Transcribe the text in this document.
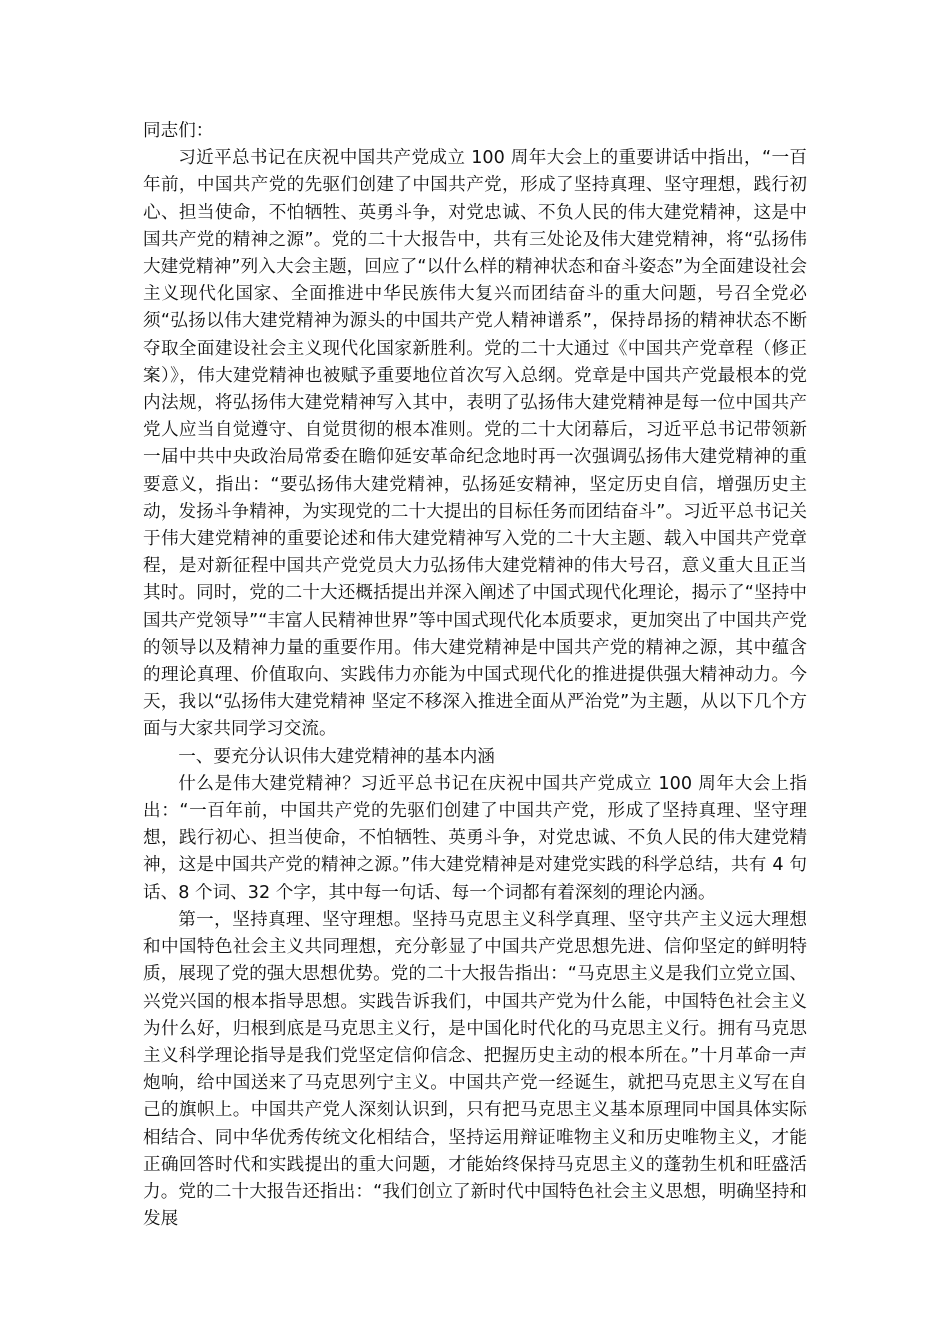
同志们：

习近平总书记在庆祝中国共产党成立 100 周年大会上的重要讲话中指出，“一百年前，中国共产党的先驱们创建了中国共产党，形成了坚持真理、坚守理想，践行初心、担当使命，不怕牺牲、英勇斗争，对党忠诚、不负人民的伟大建党精神，这是中国共产党的精神之源”。党的二十大报告中，共有三处论及伟大建党精神，将“弘扬伟大建党精神”列入大会主题，回应了“以什么样的精神状态和奋斗姿态”为全面建设社会主义现代化国家、全面推进中华民族伟大复兴而团结奋斗的重大问题，号召全党必须“弘扬以伟大建党精神为源头的中国共产党人精神谱系”，保持昂扬的精神状态不断夺取全面建设社会主义现代化国家新胜利。党的二十大通过《中国共产党章程（修正案）》，伟大建党精神也被赋予重要地位首次写入总纲。党章是中国共产党最根本的党内法规，将弘扬伟大建党精神写入其中，表明了弘扬伟大建党精神是每一位中国共产党人应当自觉遵守、自觉贯彻的根本准则。党的二十大闭幕后，习近平总书记带领新一届中共中央政治局常委在瞻仰延安革命纪念地时再一次强调弘扬伟大建党精神的重要意义，指出：“要弘扬伟大建党精神，弘扬延安精神，坚定历史自信，增强历史主动，发扬斗争精神，为实现党的二十大提出的目标任务而团结奋斗”。习近平总书记关于伟大建党精神的重要论述和伟大建党精神写入党的二十大主题、载入中国共产党章程，是对新征程中国共产党党员大力弘扬伟大建党精神的伟大号召，意义重大且正当其时。同时，党的二十大还概括提出并深入阐述了中国式现代化理论，揭示了“坚持中国共产党领导”“丰富人民精神世界”等中国式现代化本质要求，更加突出了中国共产党的领导以及精神力量的重要作用。伟大建党精神是中国共产党的精神之源，其中蕴含的理论真理、价值取向、实践伟力亦能为中国式现代化的推进提供强大精神动力。今天，我以“弘扬伟大建党精神 坚定不移深入推进全面从严治党”为主题，从以下几个方面与大家共同学习交流。

一、要充分认识伟大建党精神的基本内涵

什么是伟大建党精神？习近平总书记在庆祝中国共产党成立 100 周年大会上指出：“一百年前，中国共产党的先驱们创建了中国共产党，形成了坚持真理、坚守理想，践行初心、担当使命，不怕牺牲、英勇斗争，对党忠诚、不负人民的伟大建党精神，这是中国共产党的精神之源。”伟大建党精神是对建党实践的科学总结，共有 4 句话、8 个词、32 个字，其中每一句话、每一个词都有着深刻的理论内涵。

第一，坚持真理、坚守理想。坚持马克思主义科学真理、坚守共产主义远大理想和中国特色社会主义共同理想，充分彰显了中国共产党思想先进、信仰坚定的鲜明特质，展现了党的强大思想优势。党的二十大报告指出：“马克思主义是我们立党立国、兴党兴国的根本指导思想。实践告诉我们，中国共产党为什么能，中国特色社会主义为什么好，归根到底是马克思主义行，是中国化时代化的马克思主义行。拥有马克思主义科学理论指导是我们党坚定信仰信念、把握历史主动的根本所在。”十月革命一声炮响，给中国送来了马克思列宁主义。中国共产党一经诞生，就把马克思主义写在自己的旗帜上。中国共产党人深刻认识到，只有把马克思主义基本原理同中国具体实际相结合、同中华优秀传统文化相结合，坚持运用辩证唯物主义和历史唯物主义，才能正确回答时代和实践提出的重大问题，才能始终保持马克思主义的蓬勃生机和旺盛活力。党的二十大报告还指出：“我们创立了新时代中国特色社会主义思想，明确坚持和发展
